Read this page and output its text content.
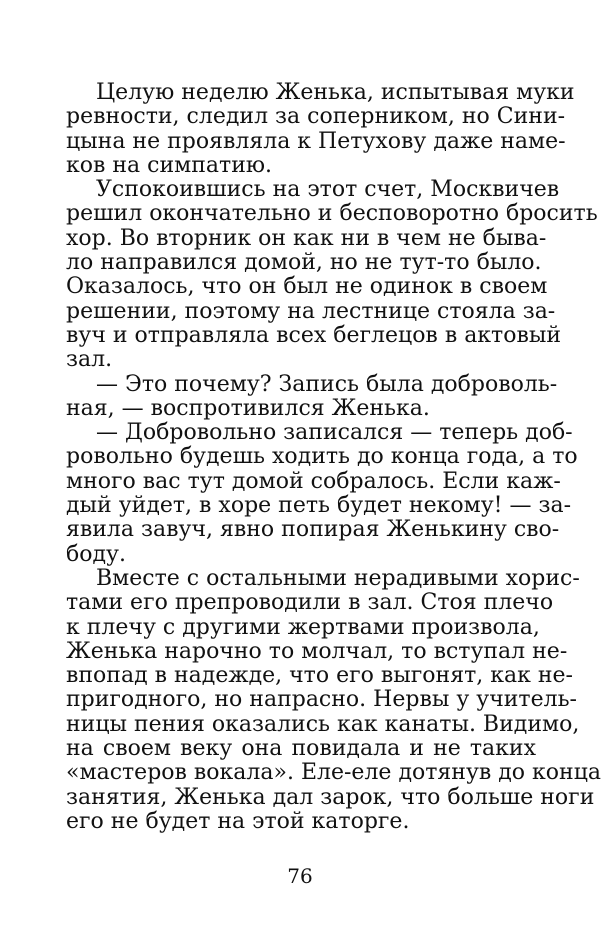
Целую неделю Женька, испытывая муки
ревности, следил за соперником, но Сини-
цына не проявляла к Петухову даже наме-
ков на симпатию.
Успокоившись на этот счет, Москвичев
решил окончательно и бесповоротно бросить
хор. Во вторник он как ни в чем не быва-
ло направился домой, но не тут-то было.
Оказалось, что он был не одинок в своем
решении, поэтому на лестнице стояла за-
вуч и отправляла всех беглецов в актовый
зал.
— Это почему? Запись была доброволь-
ная, — воспротивился Женька.
— Добровольно записался — теперь доб-
ровольно будешь ходить до конца года, а то
много вас тут домой собралось. Если каж-
дый уйдет, в хоре петь будет некому! — за-
явила завуч, явно попирая Женькину сво-
боду.
Вместе с остальными нерадивыми хорис-
тами его препроводили в зал. Стоя плечо
к плечу с другими жертвами произвола,
Женька нарочно то молчал, то вступал не-
впопад в надежде, что его выгонят, как не-
пригодного, но напрасно. Нервы у учитель-
ницы пения оказались как канаты. Видимо,
на своем веку она повидала и не таких
«мастеров вокала». Еле-еле дотянув до конца
занятия, Женька дал зарок, что больше ноги
его не будет на этой каторге.
76
